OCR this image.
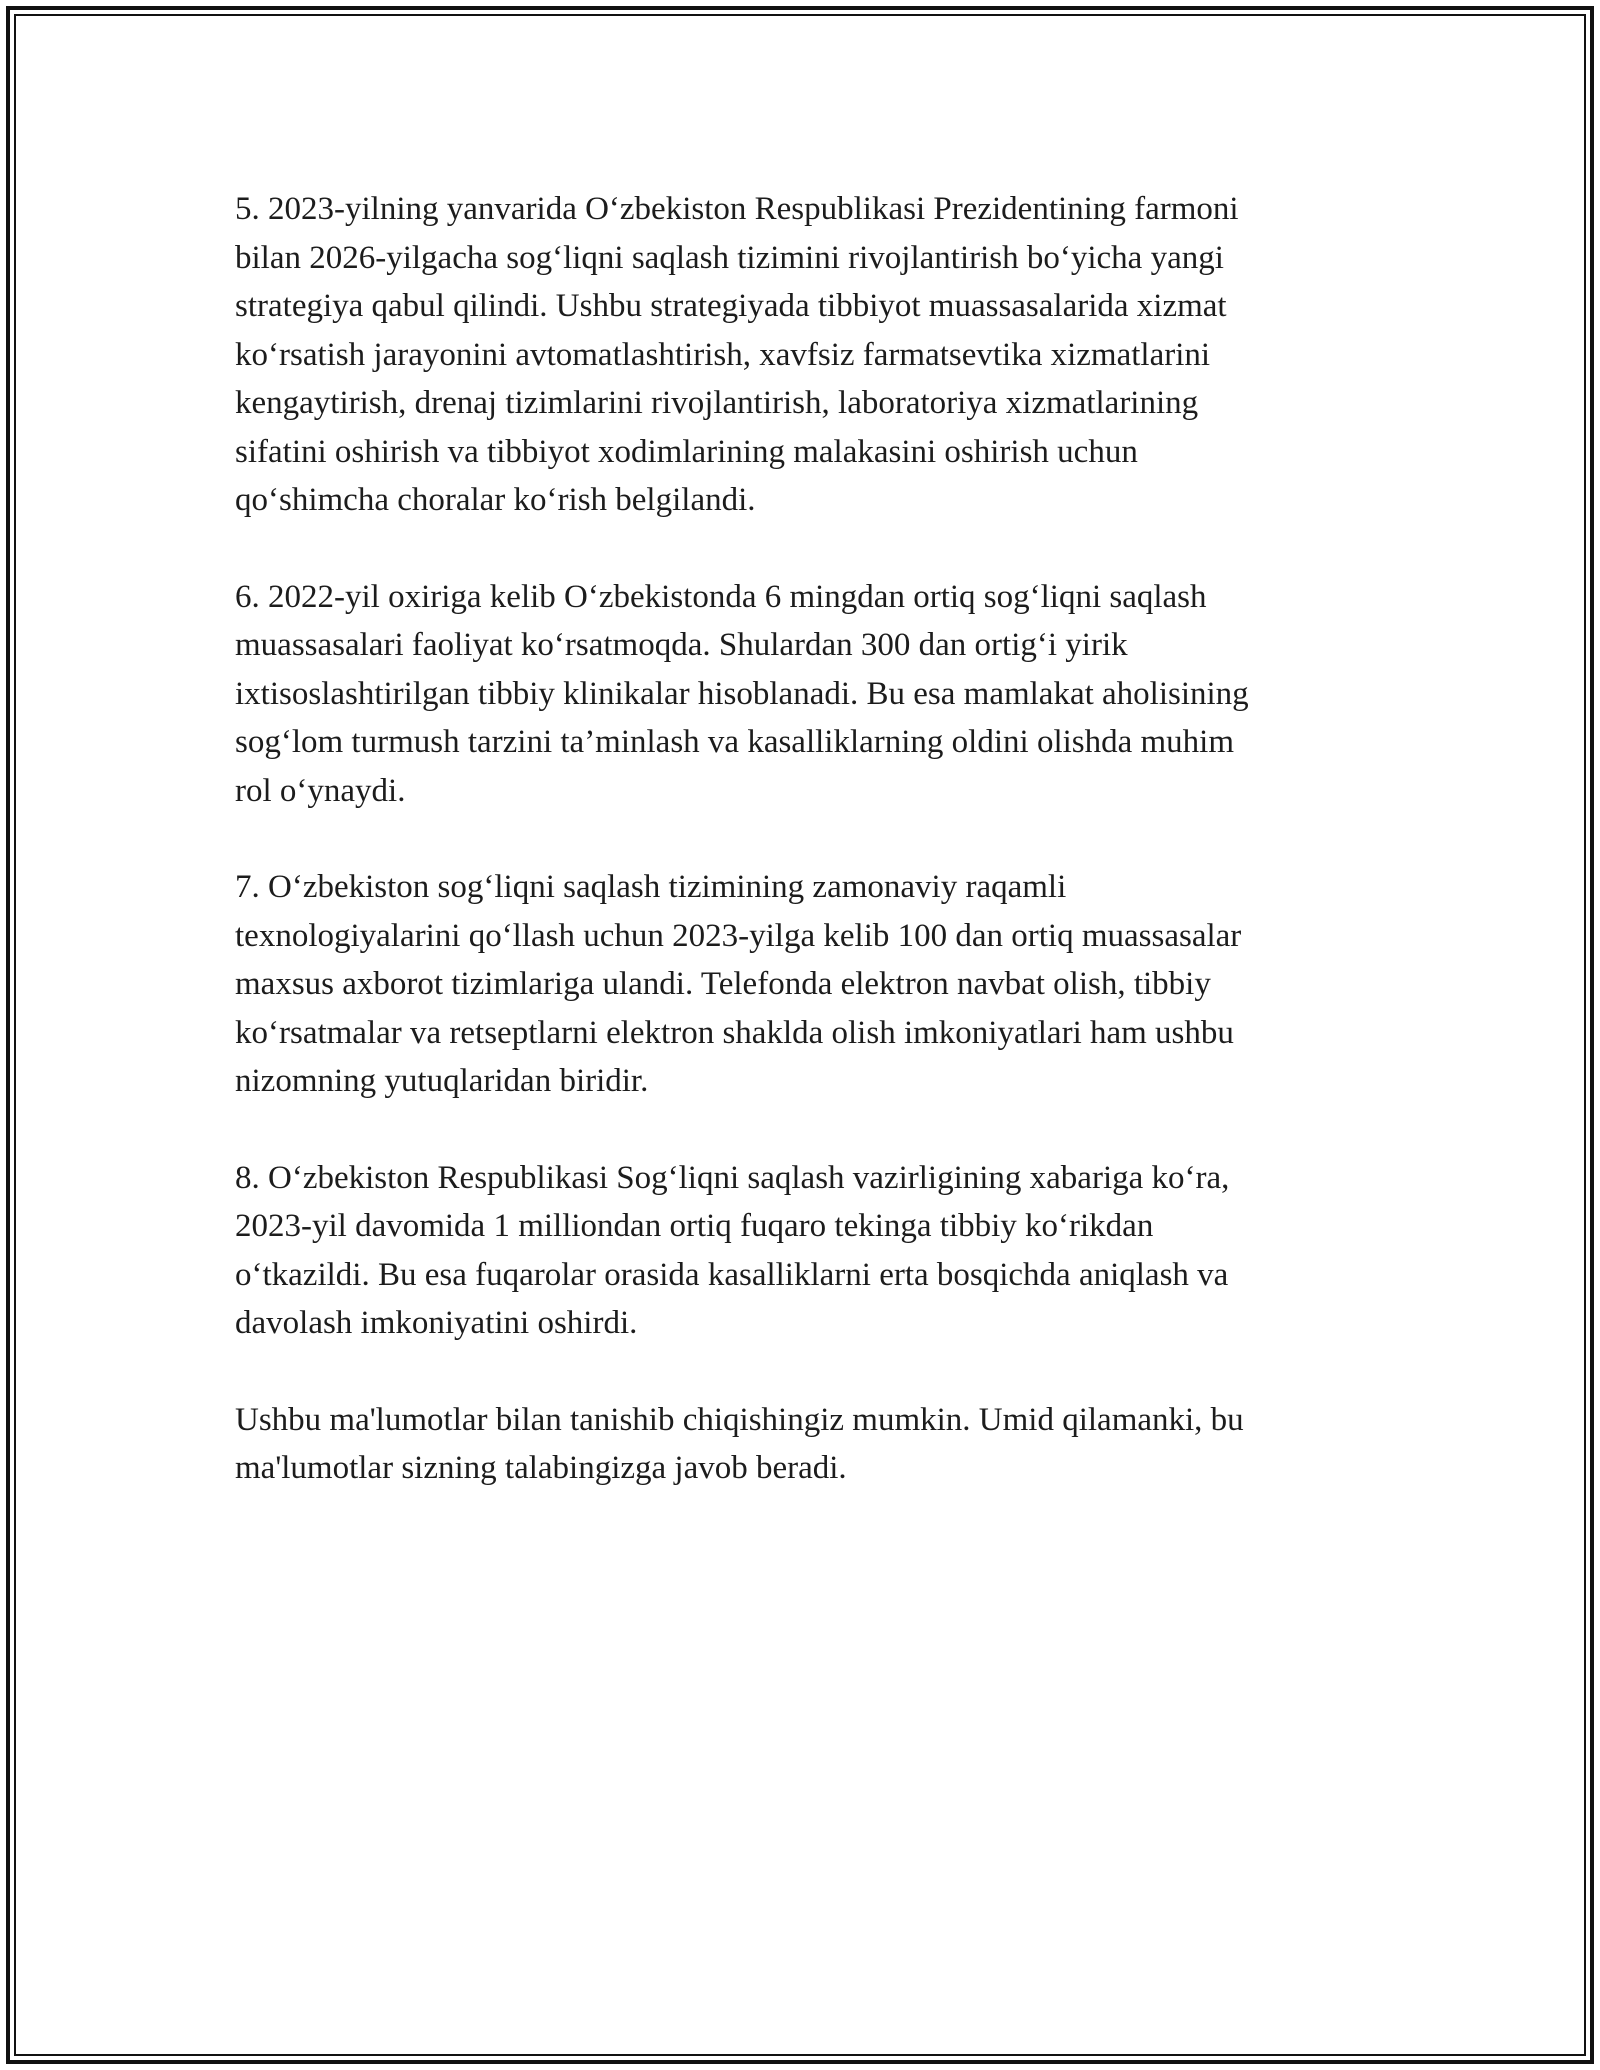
5. 2023-yilning yanvarida O‘zbekiston Respublikasi Prezidentining farmoni
bilan 2026-yilgacha sog‘liqni saqlash tizimini rivojlantirish bo‘yicha yangi
strategiya qabul qilindi. Ushbu strategiyada tibbiyot muassasalarida xizmat
ko‘rsatish jarayonini avtomatlashtirish, xavfsiz farmatsevtika xizmatlarini
kengaytirish, drenaj tizimlarini rivojlantirish, laboratoriya xizmatlarining
sifatini oshirish va tibbiyot xodimlarining malakasini oshirish uchun
qo‘shimcha choralar ko‘rish belgilandi.

6. 2022-yil oxiriga kelib O‘zbekistonda 6 mingdan ortiq sog‘liqni saqlash
muassasalari faoliyat ko‘rsatmoqda. Shulardan 300 dan ortig‘i yirik
ixtisoslashtirilgan tibbiy klinikalar hisoblanadi. Bu esa mamlakat aholisining
sog‘lom turmush tarzini ta’minlash va kasalliklarning oldini olishda muhim
rol o‘ynaydi.

7. O‘zbekiston sog‘liqni saqlash tizimining zamonaviy raqamli
texnologiyalarini qo‘llash uchun 2023-yilga kelib 100 dan ortiq muassasalar
maxsus axborot tizimlariga ulandi. Telefonda elektron navbat olish, tibbiy
ko‘rsatmalar va retseptlarni elektron shaklda olish imkoniyatlari ham ushbu
nizomning yutuqlaridan biridir.

8. O‘zbekiston Respublikasi Sog‘liqni saqlash vazirligining xabariga ko‘ra,
2023-yil davomida 1 milliondan ortiq fuqaro tekinga tibbiy ko‘rikdan
o‘tkazildi. Bu esa fuqarolar orasida kasalliklarni erta bosqichda aniqlash va
davolash imkoniyatini oshirdi.

Ushbu ma'lumotlar bilan tanishib chiqishingiz mumkin. Umid qilamanki, bu
ma'lumotlar sizning talabingizga javob beradi.
